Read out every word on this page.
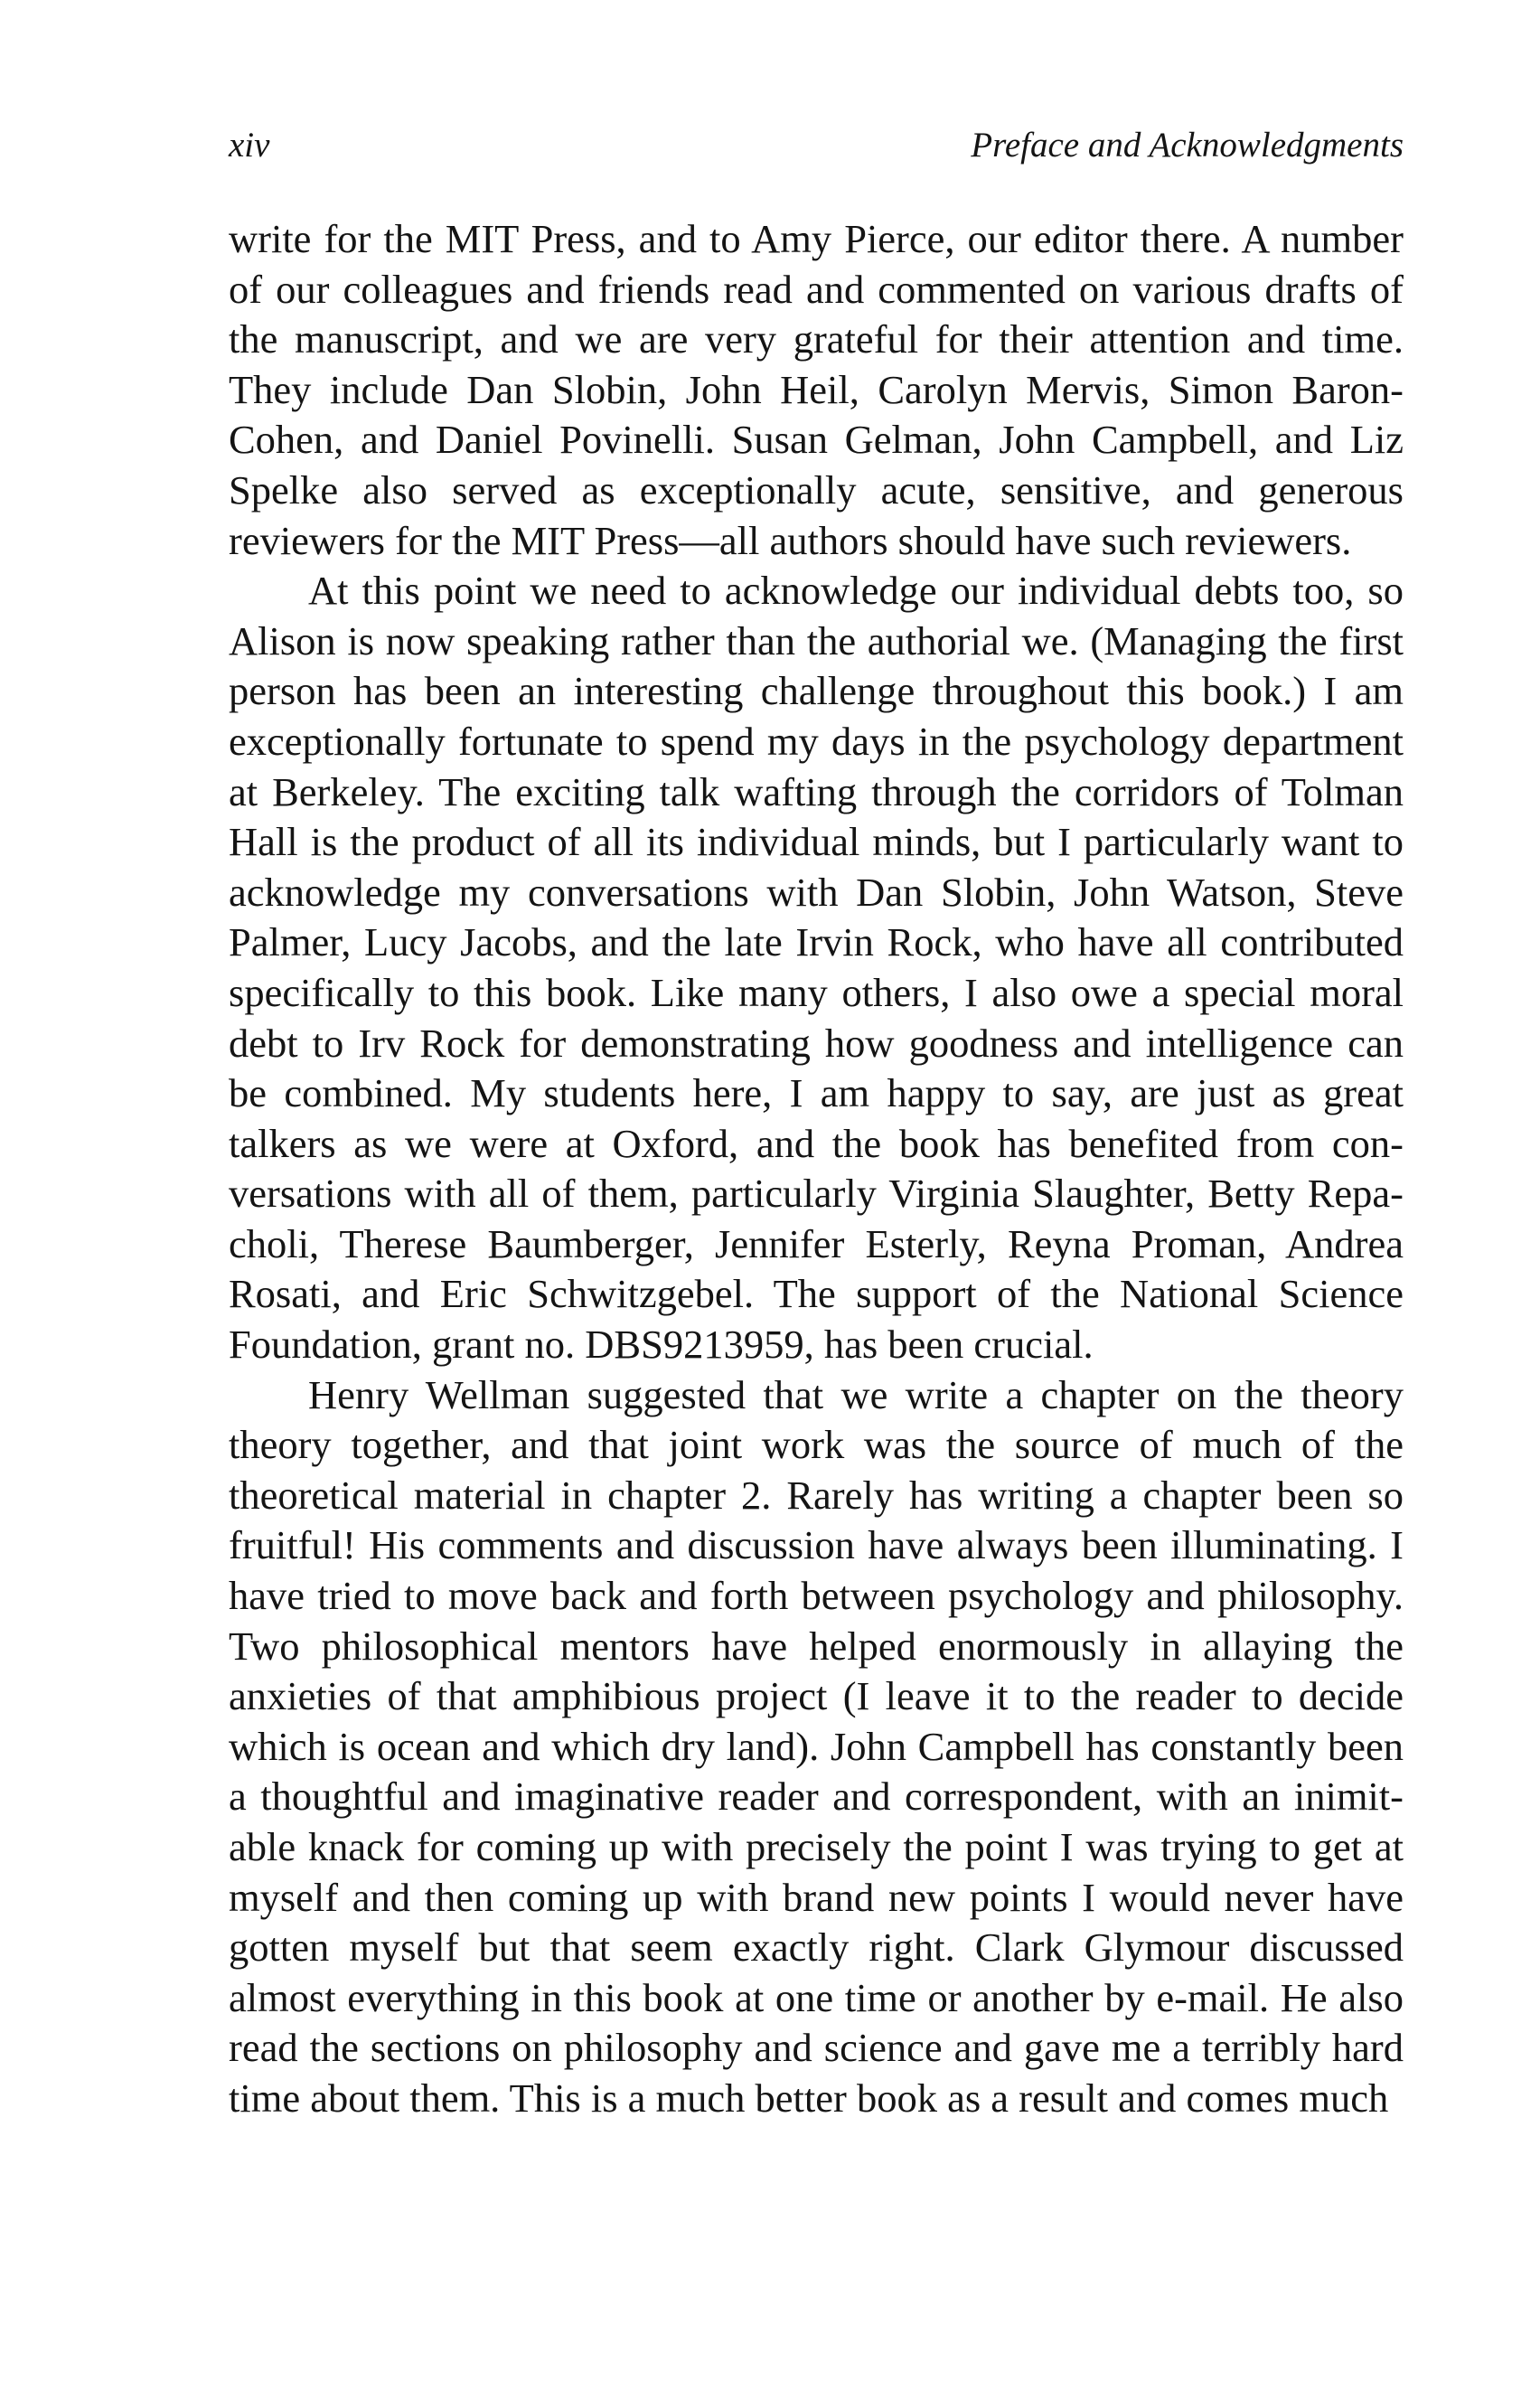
xiv	Preface and Acknowledgments

write for the MIT Press, and to Amy Pierce, our editor there. A number of our colleagues and friends read and commented on various drafts of the manuscript, and we are very grateful for their attention and time. They include Dan Slobin, John Heil, Carolyn Mervis, Simon Baron-Cohen, and Daniel Povinelli. Susan Gelman, John Campbell, and Liz Spelke also served as exceptionally acute, sensitive, and generous reviewers for the MIT Press—all authors should have such reviewers.

At this point we need to acknowledge our individual debts too, so Alison is now speaking rather than the authorial we. (Managing the first person has been an interesting challenge throughout this book.) I am exceptionally fortunate to spend my days in the psychology department at Berkeley. The exciting talk wafting through the corridors of Tolman Hall is the product of all its individual minds, but I particularly want to acknowledge my conversations with Dan Slobin, John Watson, Steve Palmer, Lucy Jacobs, and the late Irvin Rock, who have all contributed specifically to this book. Like many others, I also owe a special moral debt to Irv Rock for demonstrating how goodness and intelligence can be combined. My students here, I am happy to say, are just as great talkers as we were at Oxford, and the book has benefited from conversations with all of them, particularly Virginia Slaughter, Betty Repacholi, Therese Baumberger, Jennifer Esterly, Reyna Proman, Andrea Rosati, and Eric Schwitzgebel. The support of the National Science Foundation, grant no. DBS9213959, has been crucial.

Henry Wellman suggested that we write a chapter on the theory theory together, and that joint work was the source of much of the theoretical material in chapter 2. Rarely has writing a chapter been so fruitful! His comments and discussion have always been illuminating. I have tried to move back and forth between psychology and philosophy. Two philosophical mentors have helped enormously in allaying the anxieties of that amphibious project (I leave it to the reader to decide which is ocean and which dry land). John Campbell has constantly been a thoughtful and imaginative reader and correspondent, with an inimitable knack for coming up with precisely the point I was trying to get at myself and then coming up with brand new points I would never have gotten myself but that seem exactly right. Clark Glymour discussed almost everything in this book at one time or another by e-mail. He also read the sections on philosophy and science and gave me a terribly hard time about them. This is a much better book as a result and comes much
